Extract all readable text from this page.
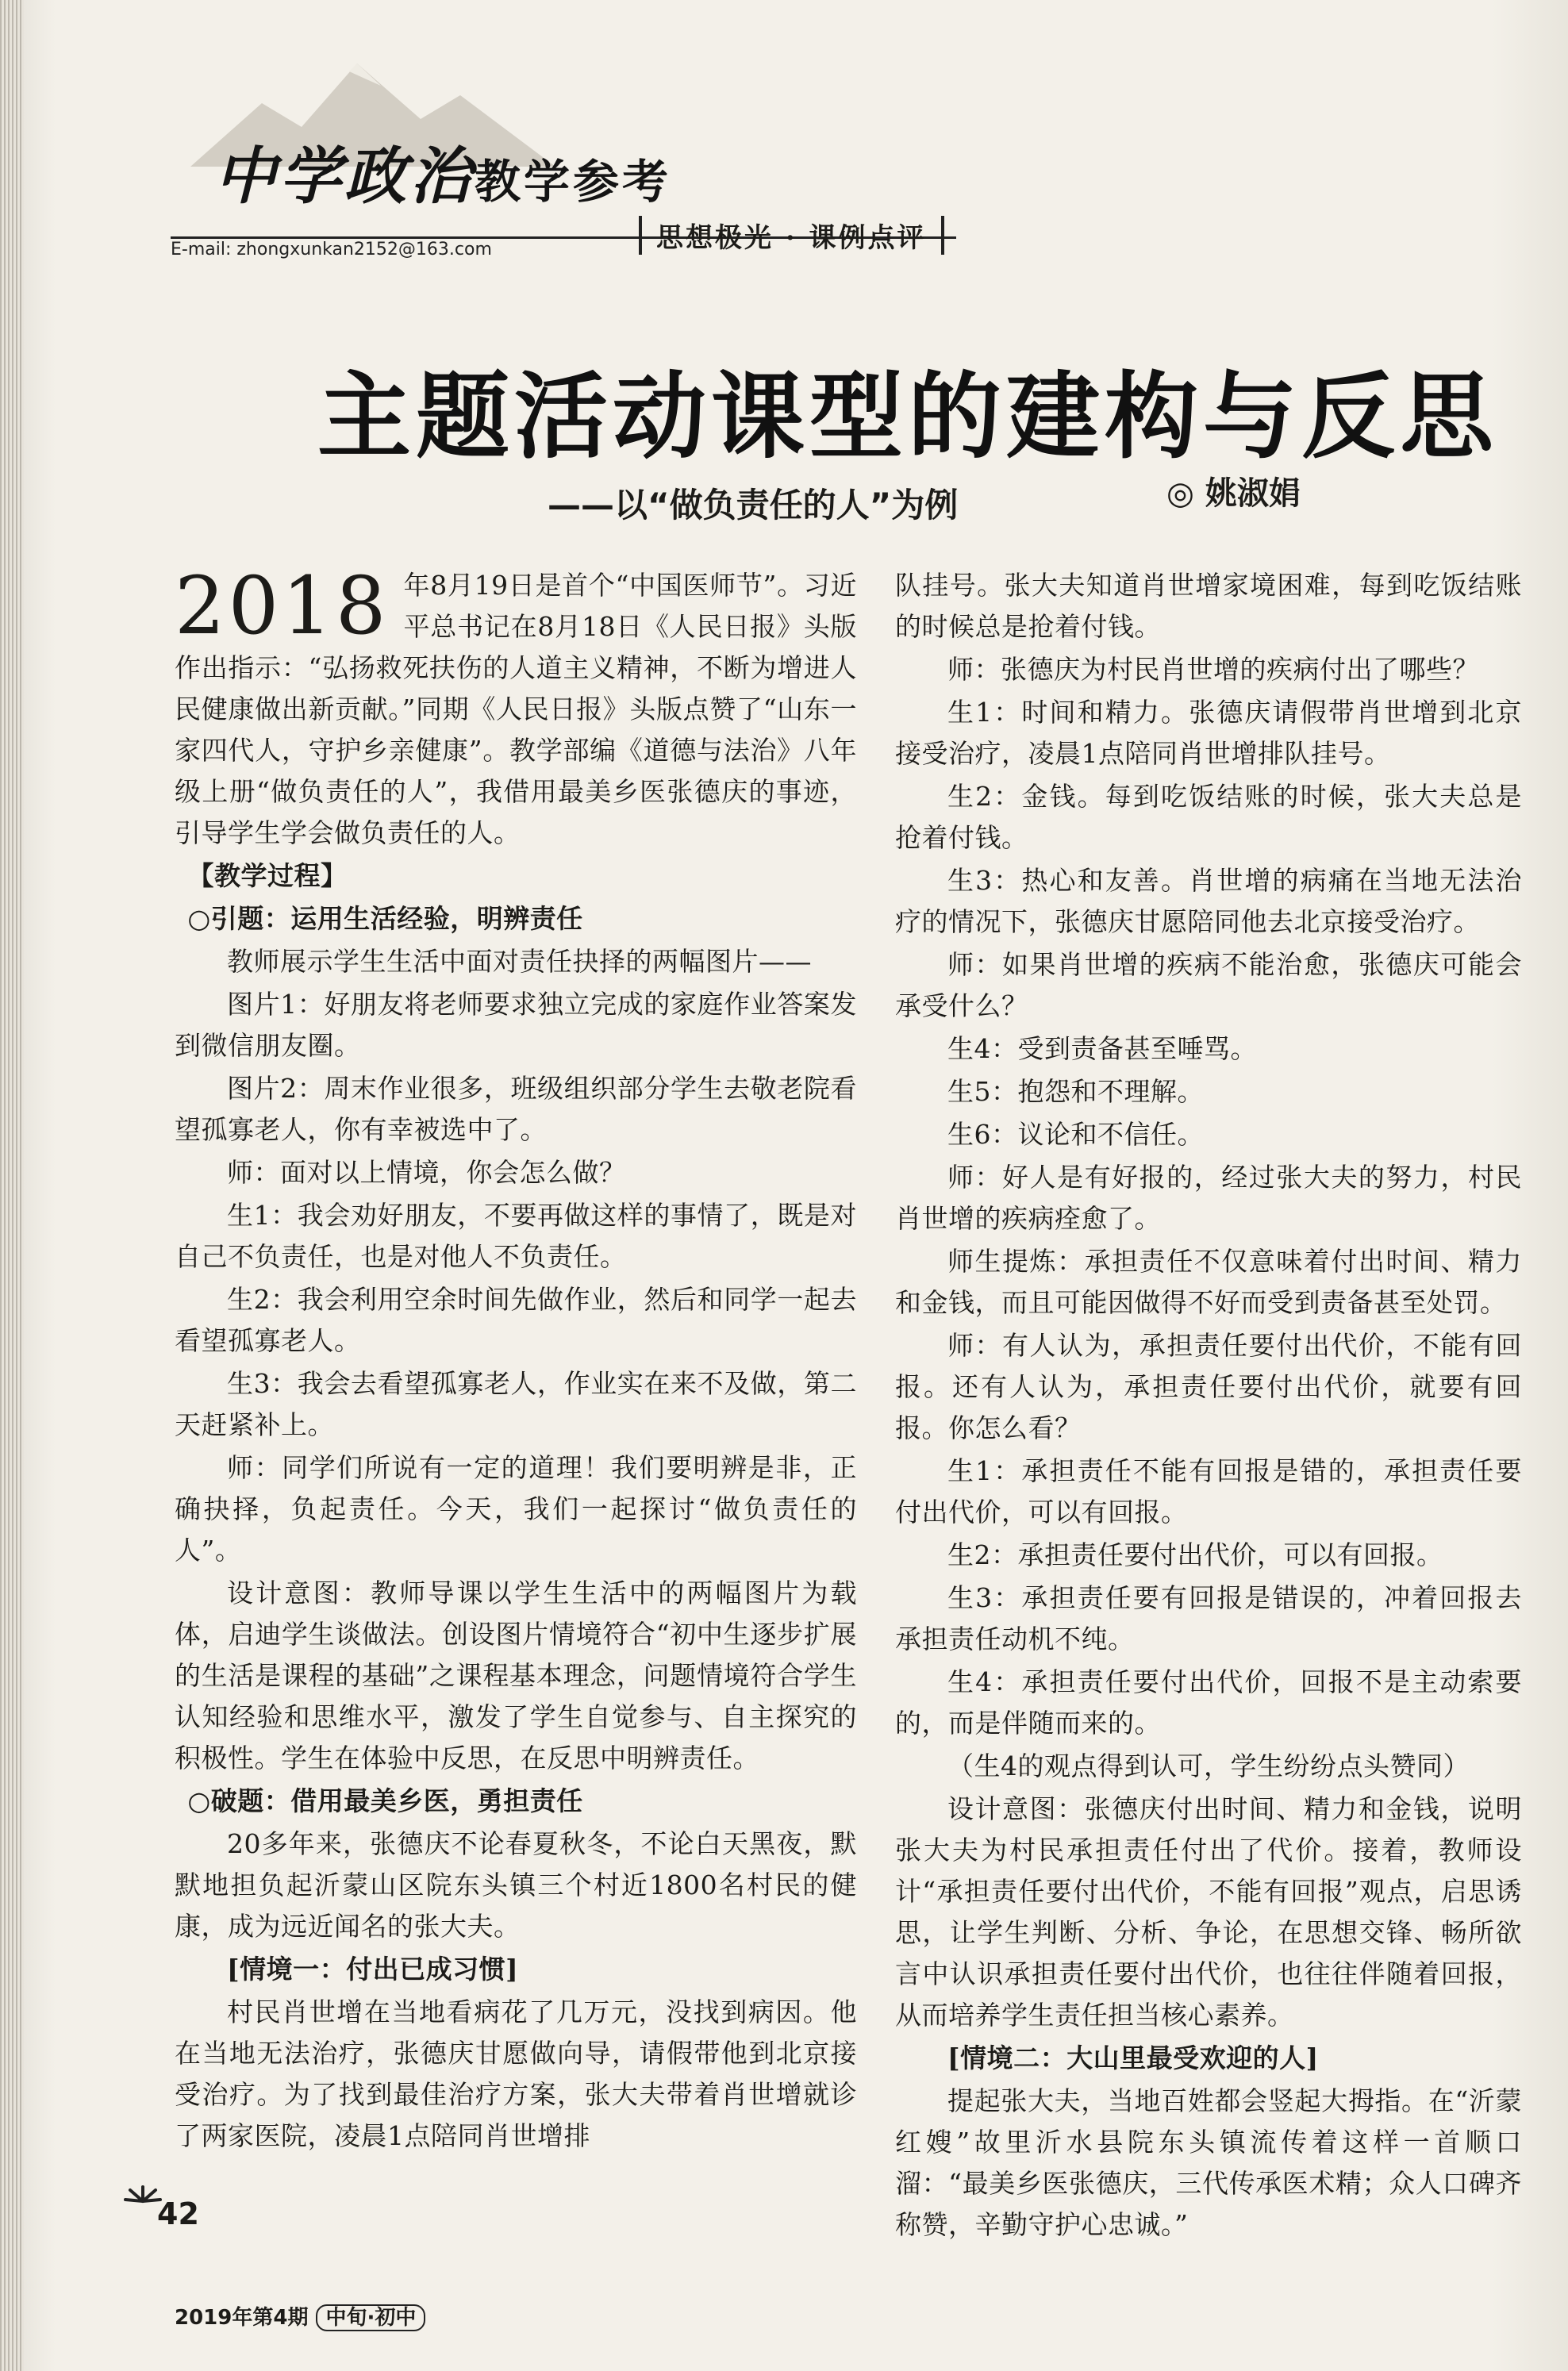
中学政治教学参考
E-mail: zhongxunkan2152@163.com	思想极光 · 课例点评
主题活动课型的建构与反思
——以“做负责任的人”为例	◎ 姚淑娟

2018 年8月19日是首个“中国医师节”。习近平总书记在8月18日《人民日报》头版作出指示：“弘扬救死扶伤的人道主义精神，不断为增进人民健康做出新贡献。”同期《人民日报》头版点赞了“山东一家四代人，守护乡亲健康”。教学部编《道德与法治》八年级上册“做负责任的人”，我借用最美乡医张德庆的事迹，引导学生学会做负责任的人。

【教学过程】

○引题：运用生活经验，明辨责任

教师展示学生生活中面对责任抉择的两幅图片——

图片1：好朋友将老师要求独立完成的家庭作业答案发到微信朋友圈。

图片2：周末作业很多，班级组织部分学生去敬老院看望孤寡老人，你有幸被选中了。

师：面对以上情境，你会怎么做？

生1：我会劝好朋友，不要再做这样的事情了，既是对自己不负责任，也是对他人不负责任。

生2：我会利用空余时间先做作业，然后和同学一起去看望孤寡老人。

生3：我会去看望孤寡老人，作业实在来不及做，第二天赶紧补上。

师：同学们所说有一定的道理！我们要明辨是非，正确抉择，负起责任。今天，我们一起探讨“做负责任的人”。

设计意图：教师导课以学生生活中的两幅图片为载体，启迪学生谈做法。创设图片情境符合“初中生逐步扩展的生活是课程的基础”之课程基本理念，问题情境符合学生认知经验和思维水平，激发了学生自觉参与、自主探究的积极性。学生在体验中反思，在反思中明辨责任。

○破题：借用最美乡医，勇担责任

20多年来，张德庆不论春夏秋冬，不论白天黑夜，默默地担负起沂蒙山区院东头镇三个村近1800名村民的健康，成为远近闻名的张大夫。

[情境一：付出已成习惯]

村民肖世增在当地看病花了几万元，没找到病因。他在当地无法治疗，张德庆甘愿做向导，请假带他到北京接受治疗。为了找到最佳治疗方案，张大夫带着肖世增就诊了两家医院，凌晨1点陪同肖世增排

队挂号。张大夫知道肖世增家境困难，每到吃饭结账的时候总是抢着付钱。

师：张德庆为村民肖世增的疾病付出了哪些？

生1：时间和精力。张德庆请假带肖世增到北京接受治疗，凌晨1点陪同肖世增排队挂号。

生2：金钱。每到吃饭结账的时候，张大夫总是抢着付钱。

生3：热心和友善。肖世增的病痛在当地无法治疗的情况下，张德庆甘愿陪同他去北京接受治疗。

师：如果肖世增的疾病不能治愈，张德庆可能会承受什么？

生4：受到责备甚至唾骂。

生5：抱怨和不理解。

生6：议论和不信任。

师：好人是有好报的，经过张大夫的努力，村民肖世增的疾病痊愈了。

师生提炼：承担责任不仅意味着付出时间、精力和金钱，而且可能因做得不好而受到责备甚至处罚。

师：有人认为，承担责任要付出代价，不能有回报。还有人认为，承担责任要付出代价，就要有回报。你怎么看？

生1：承担责任不能有回报是错的，承担责任要付出代价，可以有回报。

生2：承担责任要付出代价，可以有回报。

生3：承担责任要有回报是错误的，冲着回报去承担责任动机不纯。

生4：承担责任要付出代价，回报不是主动索要的，而是伴随而来的。

（生4的观点得到认可，学生纷纷点头赞同）

设计意图：张德庆付出时间、精力和金钱，说明张大夫为村民承担责任付出了代价。接着，教师设计“承担责任要付出代价，不能有回报”观点，启思诱思，让学生判断、分析、争论，在思想交锋、畅所欲言中认识承担责任要付出代价，也往往伴随着回报，从而培养学生责任担当核心素养。

[情境二：大山里最受欢迎的人]

提起张大夫，当地百姓都会竖起大拇指。在“沂蒙红嫂”故里沂水县院东头镇流传着这样一首顺口溜：“最美乡医张德庆，三代传承医术精；众人口碑齐称赞，辛勤守护心忠诚。”

42
2019年第4期 中旬·初中
